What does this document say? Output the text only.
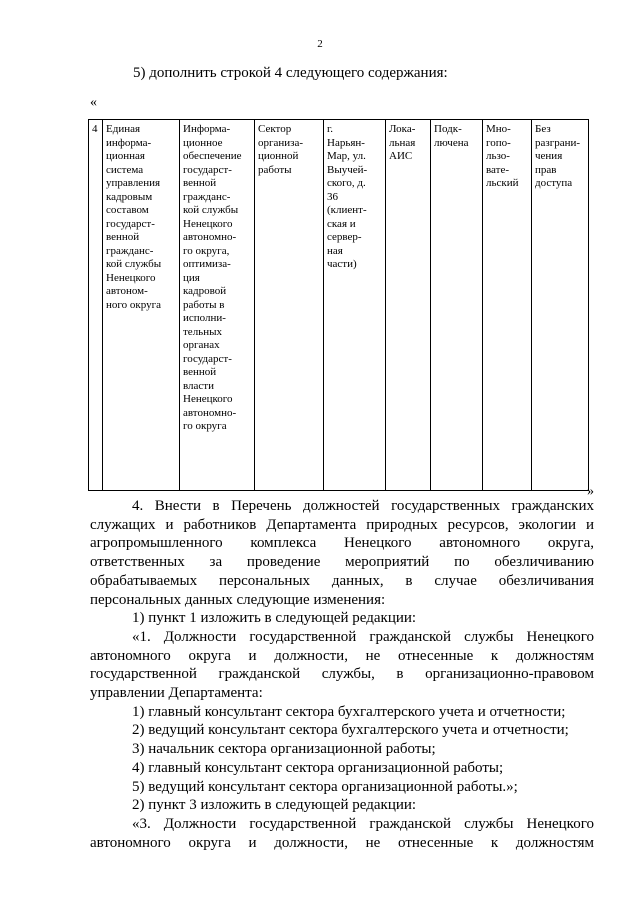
2
5) дополнить строкой 4 следующего содержания:
«
4	Единая
информа-
ционная
система
управления
кадровым
составом
государст-
венной
гражданс-
кой службы
Ненецкого
автоном-
ного округа	Информа-
ционное
обеспечение
государст-
венной
гражданс-
кой службы
Ненецкого
автономно-
го округа,
оптимиза-
ция
кадровой
работы в
исполни-
тельных
органах
государст-
венной
власти
Ненецкого
автономно-
го округа	Сектор
организа-
ционной
работы	г.
Нарьян-
Мар, ул.
Выучей-
ского, д.
36
(клиент-
ская и
сервер-
ная
части)	Лока-
льная
АИС	Подк-
лючена	Мно-
гопо-
льзо-
вате-
льский	Без
разграни-
чения
прав
доступа
»

4. Внести в Перечень должностей государственных гражданских служащих и работников Департамента природных ресурсов, экологии и агропромышленного комплекса Ненецкого автономного округа, ответственных за проведение мероприятий по обезличиванию обрабатываемых персональных данных, в случае обезличивания персональных данных следующие изменения:

1) пункт 1 изложить в следующей редакции:

«1. Должности государственной гражданской службы Ненецкого автономного округа и должности, не отнесенные к должностям государственной гражданской службы, в организационно-правовом управлении Департамента:

1) главный консультант сектора бухгалтерского учета и отчетности;

2) ведущий консультант сектора бухгалтерского учета и отчетности;

3) начальник сектора организационной работы;

4) главный консультант сектора организационной работы;

5) ведущий консультант сектора организационной работы.»;

2) пункт 3 изложить в следующей редакции:

«3. Должности государственной гражданской службы Ненецкого автономного округа и должности, не отнесенные к должностям
